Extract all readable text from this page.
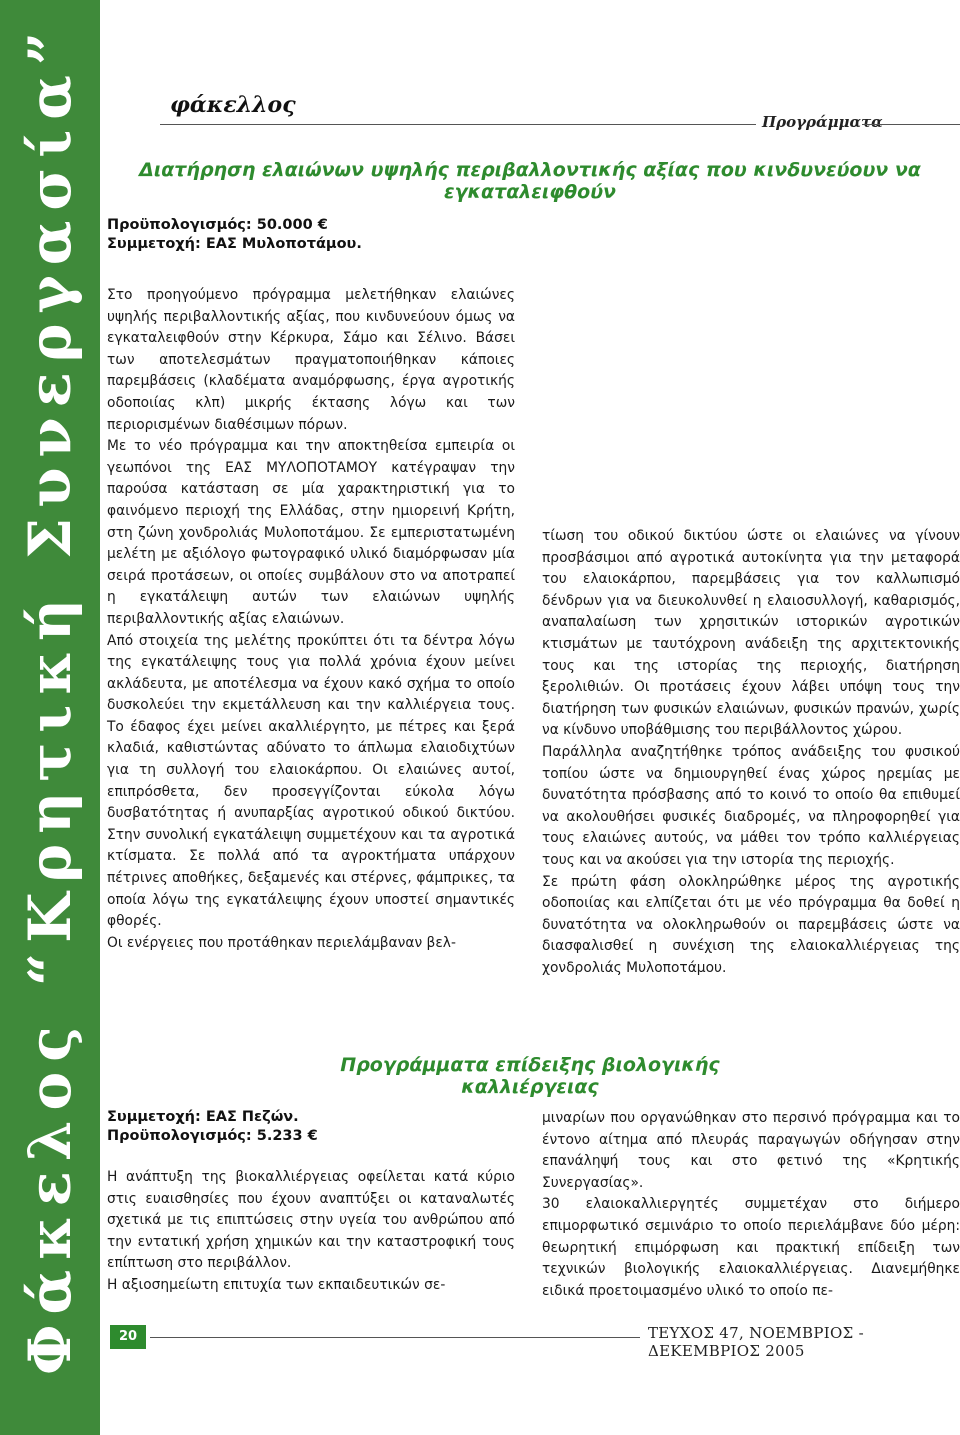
Φάκελος “Κρητική Συνεργασία”	φάκελλος
Προγράμματα
Διατήρηση ελαιώνων υψηλής περιβαλλοντικής αξίας που κινδυνεύουν να εγκαταλειφθούν
Προϋπολογισμός: 50.000 €
Συμμετοχή: ΕΑΣ Μυλοποτάμου.

Στο προηγούμενο πρόγραμμα μελετήθηκαν ελαιώνες υψηλής περιβαλλοντικής αξίας, που κινδυνεύουν όμως να εγκαταλειφθούν στην Κέρκυρα, Σάμο και Σέλινο. Βάσει των αποτελεσμάτων πραγματοποιήθηκαν κάποιες παρεμβάσεις (κλαδέματα αναμόρφωσης, έργα αγροτικής οδοποιίας κλπ) μικρής έκτασης λόγω και των περιορισμένων διαθέσιμων πόρων.

Με το νέο πρόγραμμα και την αποκτηθείσα εμπειρία οι γεωπόνοι της ΕΑΣ ΜΥΛΟΠΟΤΑΜΟΥ κατέγραψαν την παρούσα κατάσταση σε μία χαρακτηριστική για το φαινόμενο περιοχή της Ελλάδας, στην ημιορεινή Κρήτη, στη ζώνη χονδρολιάς Μυλοποτάμου. Σε εμπεριστατωμένη μελέτη με αξιόλογο φωτογραφικό υλικό διαμόρφωσαν μία σειρά προτάσεων, οι οποίες συμβάλουν στο να αποτραπεί η εγκατάλειψη αυτών των ελαιώνων υψηλής περιβαλλοντικής αξίας ελαιώνων.

Από στοιχεία της μελέτης προκύπτει ότι τα δέντρα λόγω της εγκατάλειψης τους για πολλά χρόνια έχουν μείνει ακλάδευτα, με αποτέλεσμα να έχουν κακό σχήμα το οποίο δυσκολεύει την εκμετάλλευση και την καλλιέργεια τους. Το έδαφος έχει μείνει ακαλλιέργητο, με πέτρες και ξερά κλαδιά, καθιστώντας αδύνατο το άπλωμα ελαιοδιχτύων για τη συλλογή του ελαιοκάρπου. Οι ελαιώνες αυτοί, επιπρόσθετα, δεν προσεγγίζονται εύκολα λόγω δυσβατότητας ή ανυπαρξίας αγροτικού οδικού δικτύου. Στην συνολική εγκατάλειψη συμμετέχουν και τα αγροτικά κτίσματα. Σε πολλά από τα αγροκτήματα υπάρχουν πέτρινες αποθήκες, δεξαμενές και στέρνες, φάμπρικες, τα οποία λόγω της εγκατάλειψης έχουν υποστεί σημαντικές φθορές.

Οι ενέργειες που προτάθηκαν περιελάμβαναν βελ-

τίωση του οδικού δικτύου ώστε οι ελαιώνες να γίνουν προσβάσιμοι από αγροτικά αυτοκίνητα για την μεταφορά του ελαιοκάρπου, παρεμβάσεις για τον καλλωπισμό δένδρων για να διευκολυνθεί η ελαιοσυλλογή, καθαρισμός, αναπαλαίωση των χρησιτικών ιστορικών αγροτικών κτισμάτων με ταυτόχρονη ανάδειξη της αρχιτεκτονικής τους και της ιστορίας της περιοχής, διατήρηση ξερολιθιών. Οι προτάσεις έχουν λάβει υπόψη τους την διατήρηση των φυσικών ελαιώνων, φυσικών πρανών, χωρίς να κίνδυνο υποβάθμισης του περιβάλλοντος χώρου.

Παράλληλα αναζητήθηκε τρόπος ανάδειξης του φυσικού τοπίου ώστε να δημιουργηθεί ένας χώρος ηρεμίας με δυνατότητα πρόσβασης από το κοινό το οποίο θα επιθυμεί να ακολουθήσει φυσικές διαδρομές, να πληροφορηθεί για τους ελαιώνες αυτούς, να μάθει τον τρόπο καλλιέργειας τους και να ακούσει για την ιστορία της περιοχής.

Σε πρώτη φάση ολοκληρώθηκε μέρος της αγροτικής οδοποιίας και ελπίζεται ότι με νέο πρόγραμμα θα δοθεί η δυνατότητα να ολοκληρωθούν οι παρεμβάσεις ώστε να διασφαλισθεί η συνέχιση της ελαιοκαλλιέργειας της χονδρολιάς Μυλοποτάμου.

Προγράμματα επίδειξης βιολογικής καλλιέργειας
Συμμετοχή: ΕΑΣ Πεζών.
Προϋπολογισμός: 5.233 €

Η ανάπτυξη της βιοκαλλιέργειας οφείλεται κατά κύριο στις ευαισθησίες που έχουν αναπτύξει οι καταναλωτές σχετικά με τις επιπτώσεις στην υγεία του ανθρώπου από την εντατική χρήση χημικών και την καταστροφική τους επίπτωση στο περιβάλλον.

Η αξιοσημείωτη επιτυχία των εκπαιδευτικών σε-

μιναρίων που οργανώθηκαν στο περσινό πρόγραμμα και το έντονο αίτημα από πλευράς παραγωγών οδήγησαν στην επανάληψή τους και στο φετινό της «Κρητικής Συνεργασίας».

30 ελαιοκαλλιεργητές συμμετέχαν στο διήμερο επιμορφωτικό σεμινάριο το οποίο περιελάμβανε δύο μέρη: θεωρητική επιμόρφωση και πρακτική επίδειξη των τεχνικών βιολογικής ελαιοκαλλιέργειας. Διανεμήθηκε ειδικά προετοιμασμένο υλικό το οποίο πε-

20	ΤΕΥΧΟΣ 47, ΝΟΕΜΒΡΙΟΣ - ΔΕΚΕΜΒΡΙΟΣ 2005
